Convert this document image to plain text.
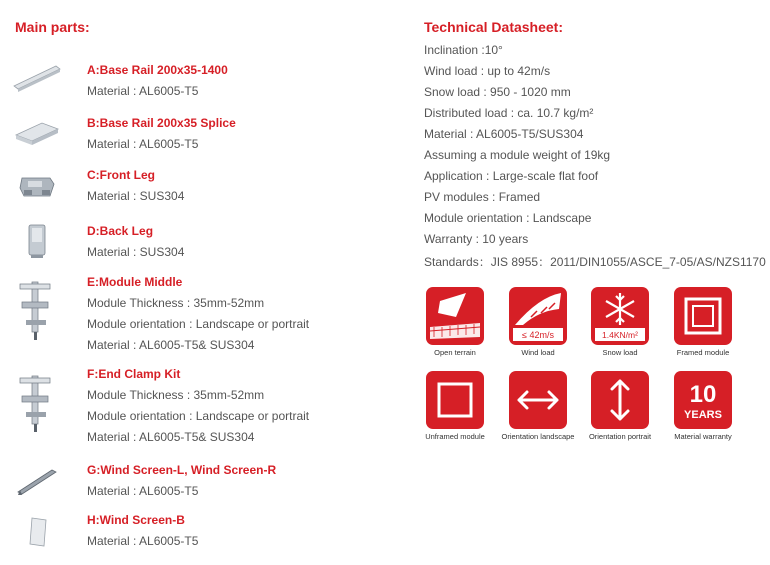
Main parts:
A:Base Rail 200x35-1400
Material : AL6005-T5
B:Base Rail 200x35 Splice
Material : AL6005-T5
C:Front Leg
Material : SUS304
D:Back Leg
Material : SUS304
E:Module Middle
Module Thickness : 35mm-52mm
Module orientation : Landscape or portrait
Material : AL6005-T5& SUS304
F:End Clamp Kit
Module Thickness : 35mm-52mm
Module orientation : Landscape or portrait
Material : AL6005-T5& SUS304
G:Wind Screen-L, Wind Screen-R
Material : AL6005-T5
H:Wind Screen-B
Material : AL6005-T5
Technical Datasheet:
Inclination :10°
Wind load : up to 42m/s
Snow load : 950 - 1020 mm
Distributed load : ca. 10.7 kg/m²
Material : AL6005-T5/SUS304
Assuming a module weight of 19kg
Application : Large-scale flat foof
PV modules : Framed
Module orientation : Landscape
Warranty : 10 years
Standards：JIS 8955：2011/DIN1055/ASCE_7-05/AS/NZS1170
Open terrain
≤ 42m/s
Wind load
1.4KN/m²
Snow load	Framed module
Unframed module	Orientation landscape	Orientation portrait
10
YEARS
Material warranty
